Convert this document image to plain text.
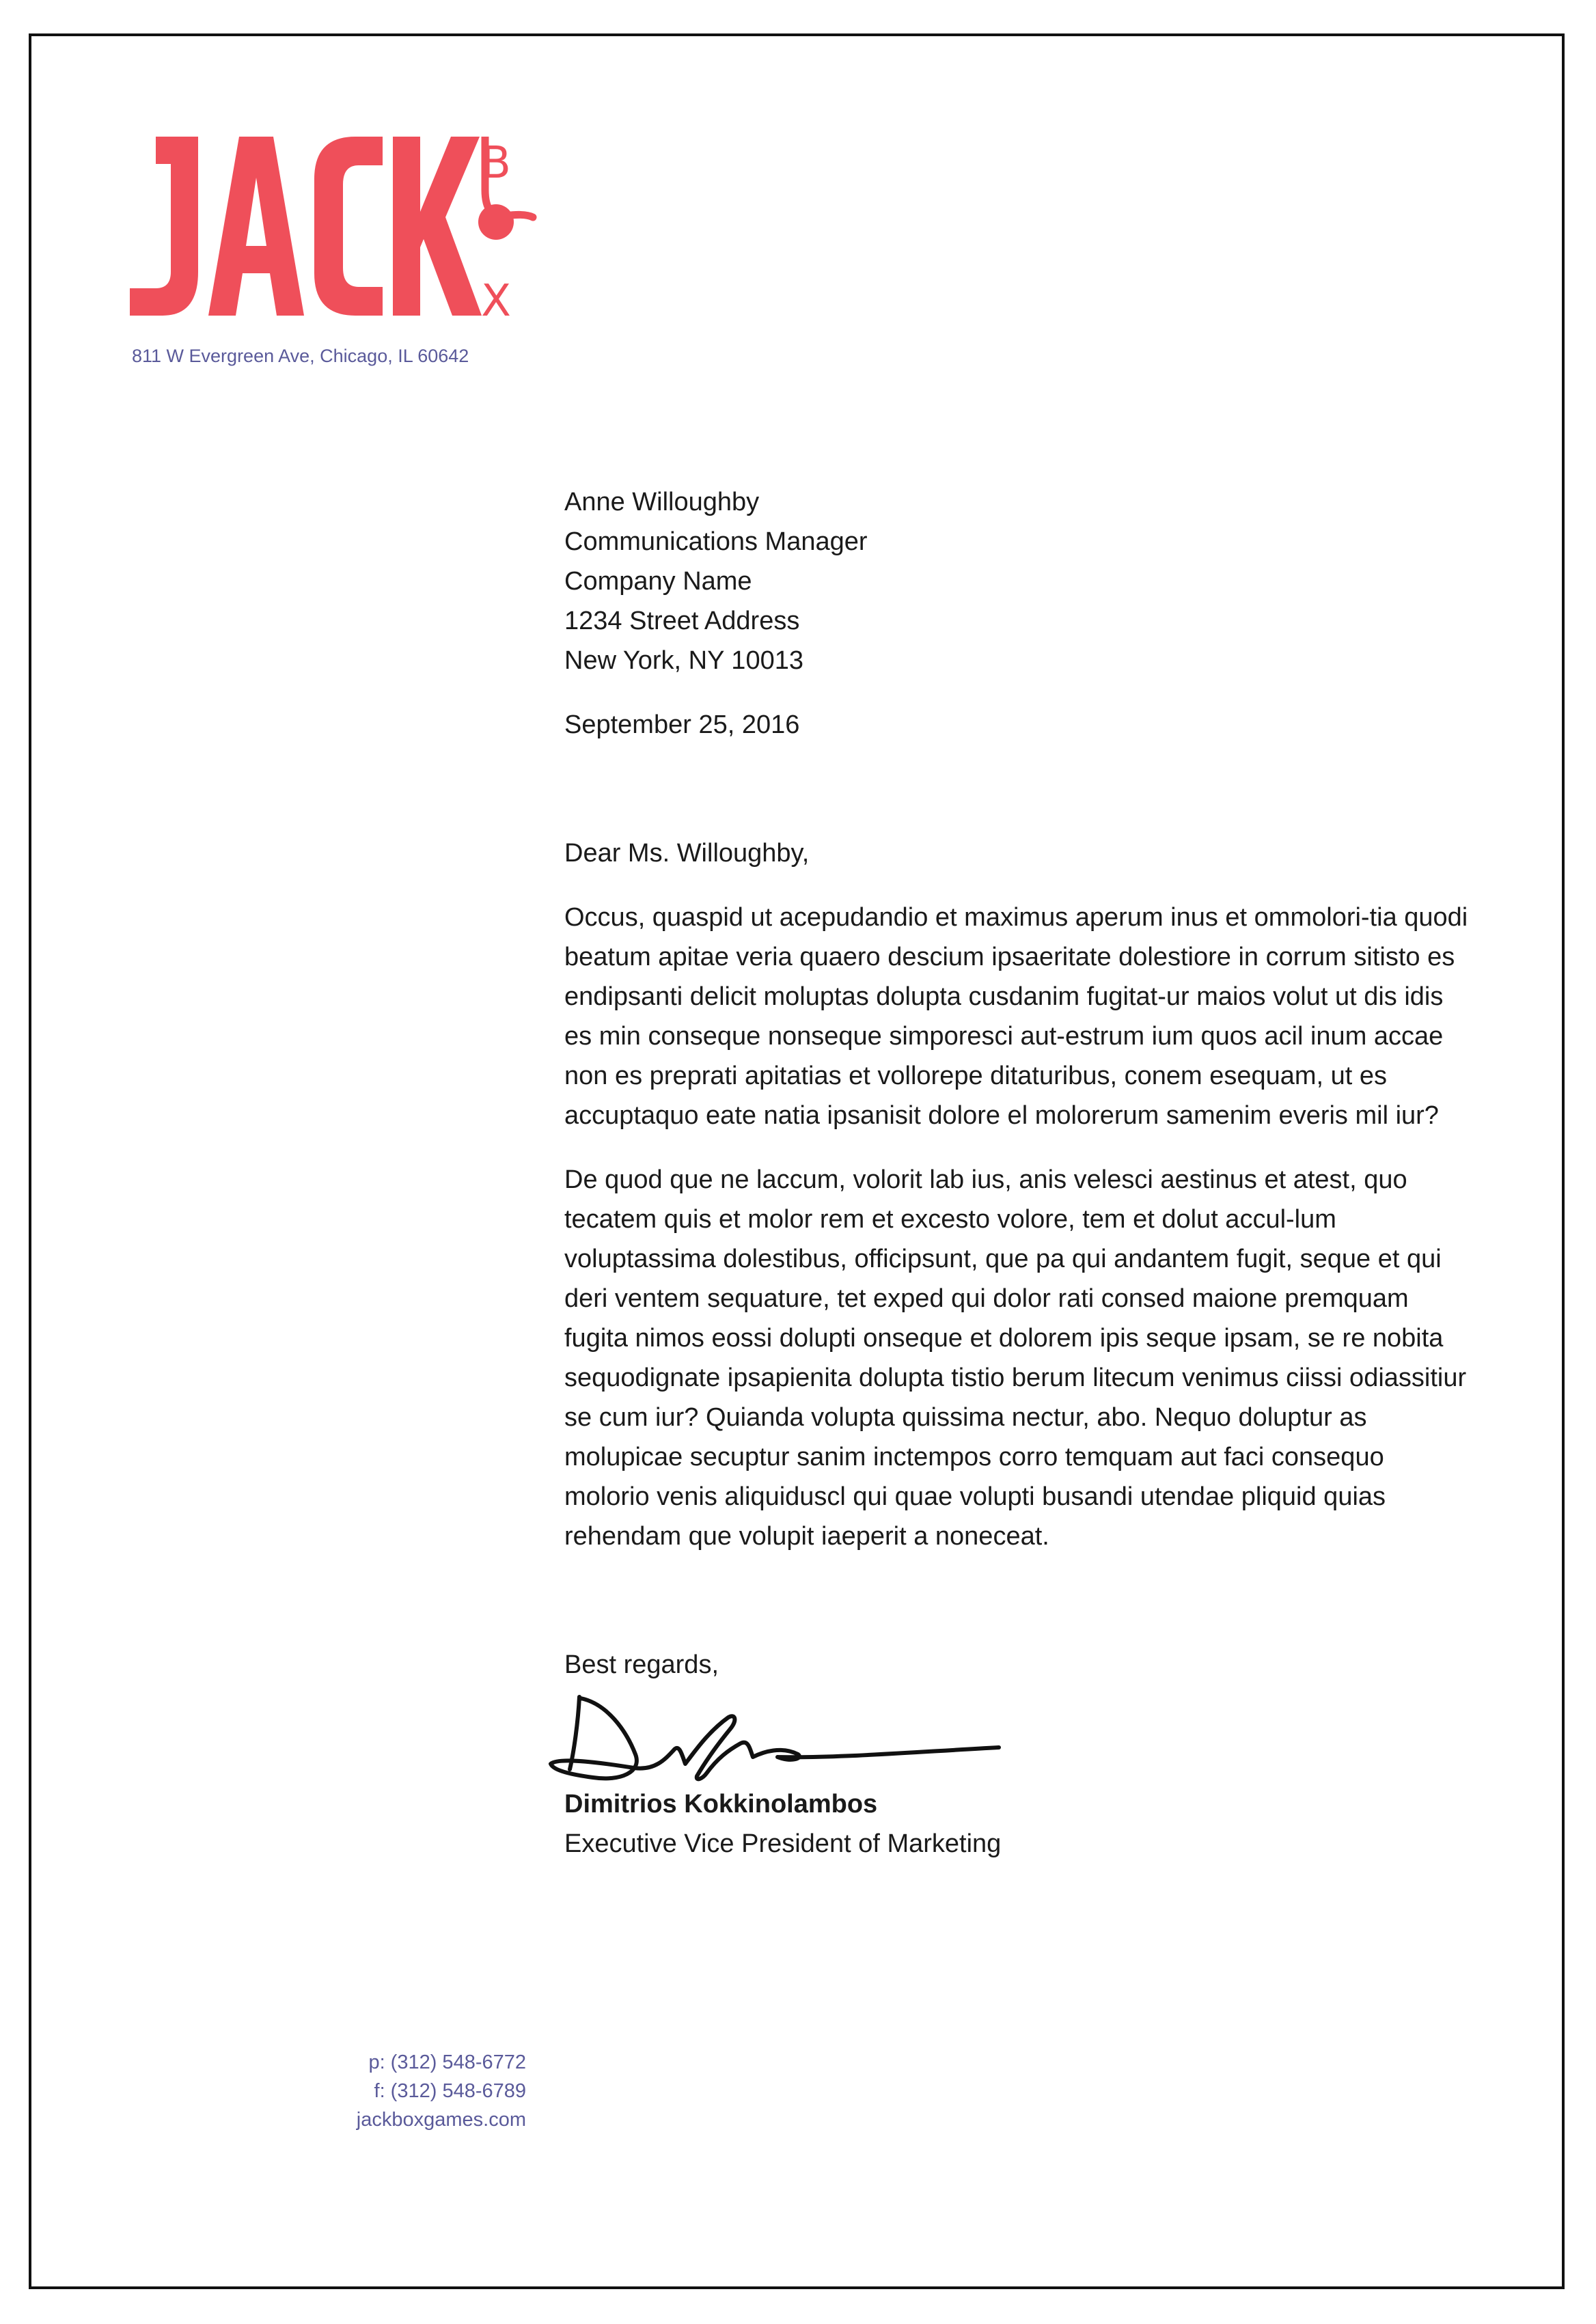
B
X
811 W Evergreen Ave, Chicago, IL 60642
Anne Willoughby
Communications Manager
Company Name
1234 Street Address
New York, NY 10013
September 25, 2016
Dear Ms. Willoughby,
Occus, quaspid ut acepudandio et maximus aperum inus et ommolori-tia quodi beatum apitae veria quaero descium ipsaeritate dolestiore in corrum sitisto es endipsanti delicit moluptas dolupta cusdanim fugitat-ur maios volut ut dis idis es min conseque nonseque simporesci aut-estrum ium quos acil inum accae non es preprati apitatias et vollorepe ditaturibus, conem esequam, ut es accuptaquo eate natia ipsanisit dolore el molorerum samenim everis mil iur?
De quod que ne laccum, volorit lab ius, anis velesci aestinus et atest, quo tecatem quis et molor rem et excesto volore, tem et dolut accul-lum voluptassima dolestibus, officipsunt, que pa qui andantem fugit, seque et qui deri ventem sequature, tet exped qui dolor rati consed maione premquam fugita nimos eossi dolupti onseque et dolorem ipis seque ipsam, se re nobita sequodignate ipsapienita dolupta tistio berum litecum venimus ciissi odiassitiur se cum iur? Quianda volupta quissima nectur, abo. Nequo doluptur as molupicae secuptur sanim inctempos corro temquam aut faci consequo molorio venis aliquiduscl qui quae volupti busandi utendae pliquid quias rehendam que volupit iaeperit a noneceat.
Best regards,
Dimitrios Kokkinolambos
Executive Vice President of Marketing
p: (312) 548-6772
f: (312) 548-6789
jackboxgames.com
